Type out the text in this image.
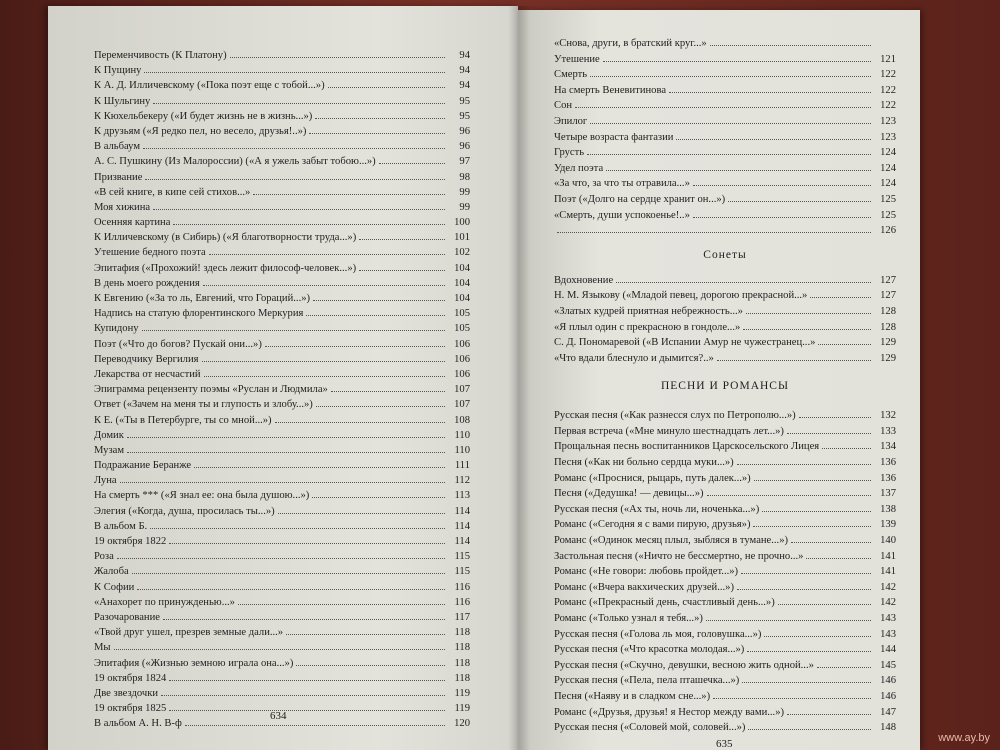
Переменчивость (К Платону)	94
К Пущину	94
К А. Д. Илличевскому («Пока поэт еще с тобой...»)	94
К Шульгину	95
К Кюхельбекеру («И будет жизнь не в жизнь...»)	95
К друзьям («Я редко пел, но весело, друзья!..»)	96
В альбаум	96
А. С. Пушкину (Из Малороссии) («А я ужель забыт тобою...»)	97
Призвание	98
«В сей книге, в кипе сей стихов...»	99
Моя хижина	99
Осенняя картина	100
К Илличевскому (в Сибирь) («Я благотворности труда...»)	101
Утешение бедного поэта	102
Эпитафия («Прохожий! здесь лежит философ-человек...»)	104
В день моего рождения	104
К Евгению («За то ль, Евгений, что Гораций...»)	104
Надпись на статую флорентинского Меркурия	105
Купидону	105
Поэт («Что до богов? Пускай они...»)	106
Переводчику Вергилия	106
Лекарства от несчастий	106
Эпиграмма рецензенту поэмы «Руслан и Людмила»	107
Ответ («Зачем на меня ты и глупость и злобу...»)	107
К Е. («Ты в Петербурге, ты со мной...»)	108
Домик	110
Музам	110
Подражание Беранже	111
Луна	112
На смерть *** («Я знал ее: она была душою...»)	113
Элегия («Когда, душа, просилась ты...»)	114
В альбом Б.	114
19 октября 1822	114
Роза	115
Жалоба	115
К Софии	116
«Анахорет по принужденью...»	116
Разочарование	117
«Твой друг ушел, презрев земные дали...»	118
Мы	118
Эпитафия («Жизнью земною играла она...»)	118
19 октября 1824	118
Две звездочки	119
19 октября 1825	119
В альбом А. Н. В-ф	120
634
«Снова, други, в братский круг...»
Утешение	121
Смерть	122
На смерть Веневитинова	122
Сон	122
Эпилог	123
Четыре возраста фантазии	123
Грусть	124
Удел поэта	124
«За что, за что ты отравила...»	124
Поэт («Долго на сердце хранит он...»)	125
«Смерть, души успокоенье!..»	125
126
Сонеты
Вдохновение	127
Н. М. Языкову («Младой певец, дорогою прекрасной...»	127
«Златых кудрей приятная небрежность...»	128
«Я плыл один с прекрасною в гондоле...»	128
С. Д. Пономаревой («В Испании Амур не чужестранец...»	129
«Что вдали блеснуло и дымится?..»	129
ПЕСНИ И РОМАНСЫ
Русская песня («Как разнесся слух по Петрополю...»)	132
Первая встреча («Мне минуло шестнадцать лет...»)	133
Прощальная песнь воспитанников Царскосельского Лицея	134
Песня («Как ни больно сердца муки...»)	136
Романс («Проснися, рыцарь, путь далек...»)	136
Песня («Дедушка! — девицы...»)	137
Русская песня («Ах ты, ночь ли, ноченька...»)	138
Романс («Сегодня я с вами пирую, друзья»)	139
Романс («Одинок месяц плыл, зыбляся в тумане...»)	140
Застольная песня («Ничто не бессмертно, не прочно...»	141
Романс («Не говори: любовь пройдет...»)	141
Романс («Вчера вакхических друзей...»)	142
Романс («Прекрасный день, счастливый день...»)	142
Романс («Только узнал я тебя...»)	143
Русская песня («Голова ль моя, головушка...»)	143
Русская песня («Что красотка молодая...»)	144
Русская песня («Скучно, девушки, весною жить одной...»	145
Русская песня («Пела, пела пташечка...»)	146
Песня («Наяву и в сладком сне...»)	146
Романс («Друзья, друзья! я Нестор между вами...»)	147
Русская песня («Соловей мой, соловей...»)	148
635	www.ay.by
